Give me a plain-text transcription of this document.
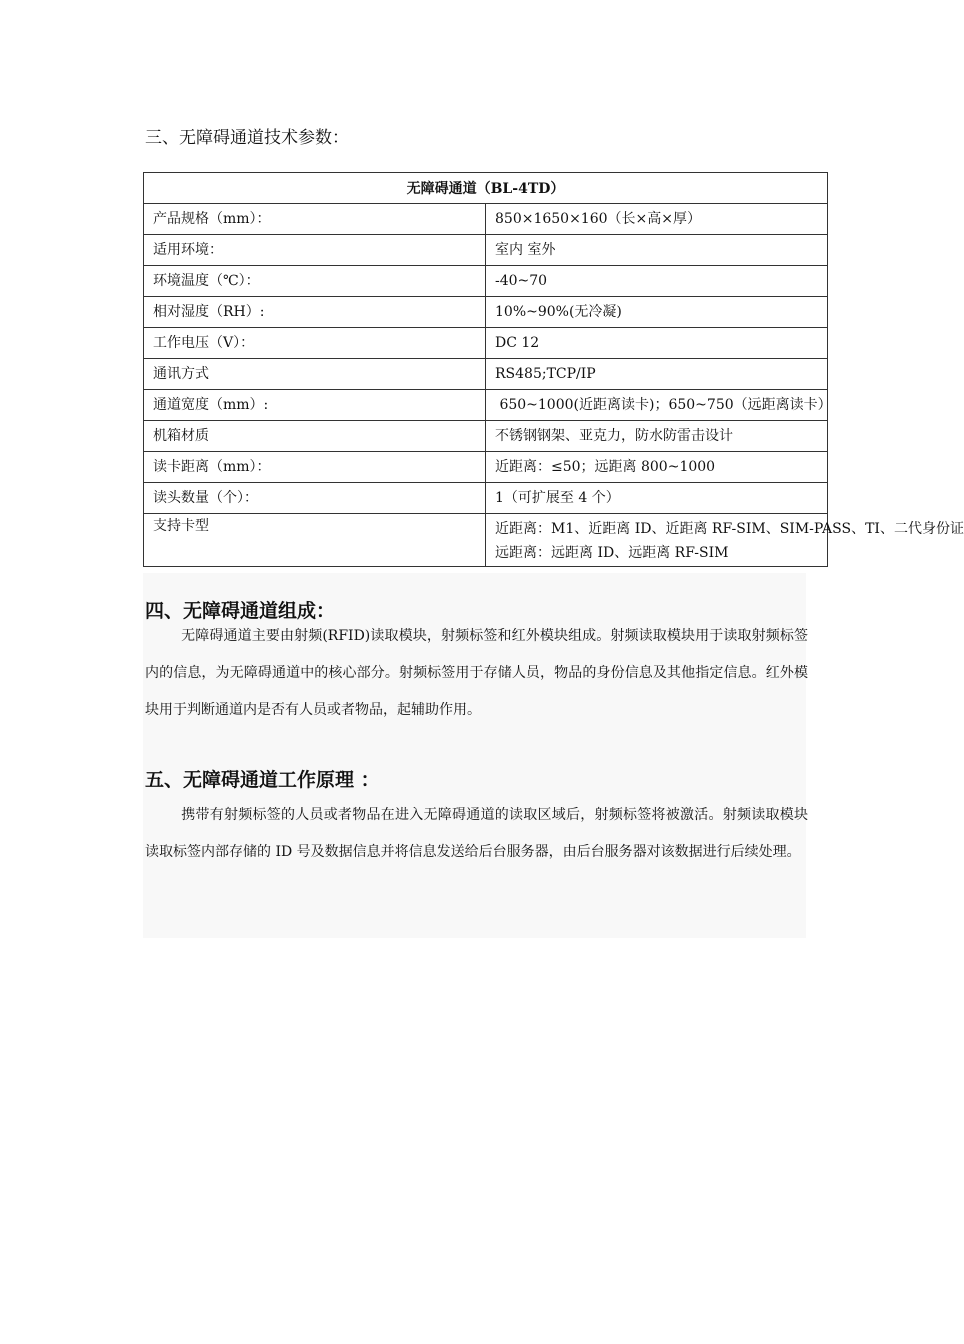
三、无障碍通道技术参数：
无障碍通道（BL-4TD）	
产品规格（mm）：	850×1650×160（长×高×厚）
适用环境：	室内 室外
环境温度（℃）：	-40~70
相对湿度（RH）:	10%~90%(无冷凝)
工作电压（V）：	DC 12
通讯方式	RS485;TCP/IP
通道宽度（mm）:	650~1000(近距离读卡)；650~750（远距离读卡）
机箱材质	不锈钢钢架、亚克力，防水防雷击设计
读卡距离（mm）：	近距离：≤50；远距离 800~1000
读头数量（个）：	1（可扩展至 4 个）
支持卡型	近距离：M1、近距离 ID、近距离 RF-SIM、SIM-PASS、TI、二代身份证
远距离：远距离 ID、远距离 RF-SIM
四、无障碍通道组成：

无障碍通道主要由射频(RFID)读取模块，射频标签和红外模块组成。射频读取模块用于读取射频标签内的信息，为无障碍通道中的核心部分。射频标签用于存储人员，物品的身份信息及其他指定信息。红外模块用于判断通道内是否有人员或者物品，起辅助作用。

五、无障碍通道工作原理 ：

携带有射频标签的人员或者物品在进入无障碍通道的读取区域后，射频标签将被激活。射频读取模块读取标签内部存储的 ID 号及数据信息并将信息发送给后台服务器，由后台服务器对该数据进行后续处理。
